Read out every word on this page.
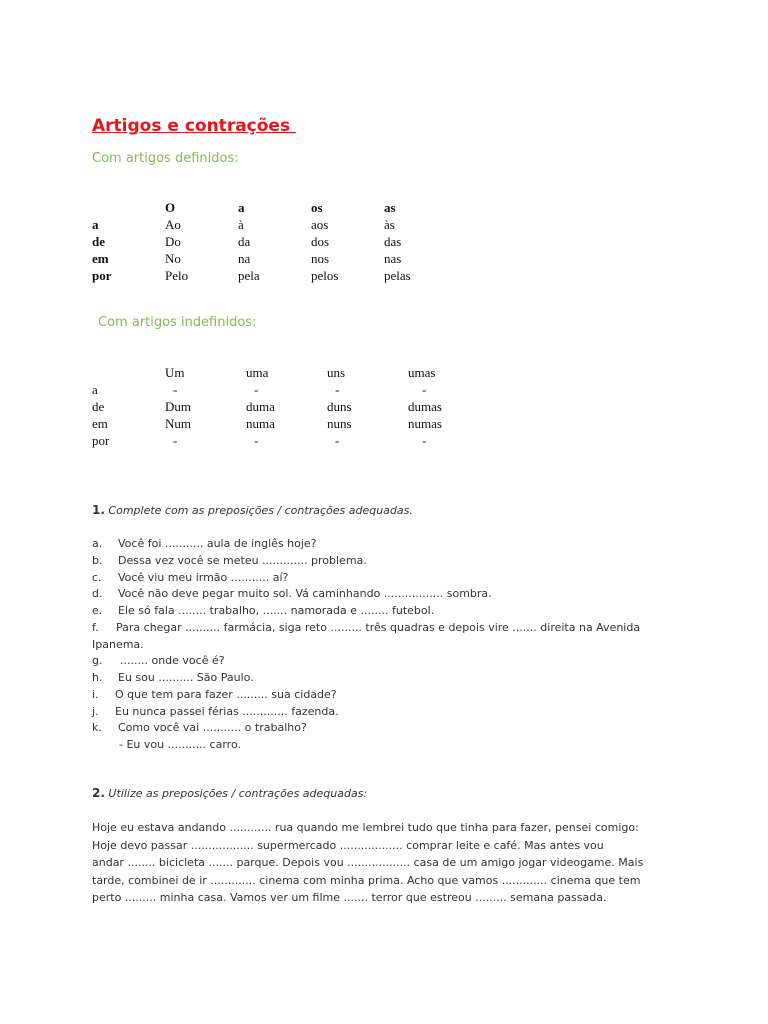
Artigos e contrações
Com artigos definidos:
	O	a	os	as
a	Ao	à	aos	às
de	Do	da	dos	das
em	No	na	nos	nas
por	Pelo	pela	pelos	pelas
Com artigos indefinidos:
	Um	uma	uns	umas
a	-	-	-	-
de	Dum	duma	duns	dumas
em	Num	numa	nuns	numas
por	-	-	-	-
1. Complete com as preposições / contrações adequadas.
a. Você foi ........... aula de inglês hoje?
b. Dessa vez você se meteu ............. problema.
c. Você viu meu irmão ........... aí?
d. Você não deve pegar muito sol. Vá caminhando ................. sombra.
e. Ele só fala ........ trabalho, ....... namorada e ........ futebol.
f. Para chegar .......... farmácia, siga reto ......... três quadras e depois vire ....... direita na Avenida
Ipanema.
g. ........ onde você é?
h. Eu sou .......... São Paulo.
i. O que tem para fazer ......... sua cidade?
j. Eu nunca passei férias ............. fazenda.
k. Como você vai ........... o trabalho?
- Eu vou ........... carro.
2. Utilize as preposições / contrações adequadas:
Hoje eu estava andando ............ rua quando me lembrei tudo que tinha para fazer, pensei comigo:
Hoje devo passar .................. supermercado .................. comprar leite e café. Mas antes vou
andar ........ bicicleta ....... parque. Depois vou .................. casa de um amigo jogar videogame. Mais
tarde, combinei de ir ............. cinema com minha prima. Acho que vamos ............. cinema que tem
perto ......... minha casa. Vamos ver um filme ....... terror que estreou ......... semana passada.
